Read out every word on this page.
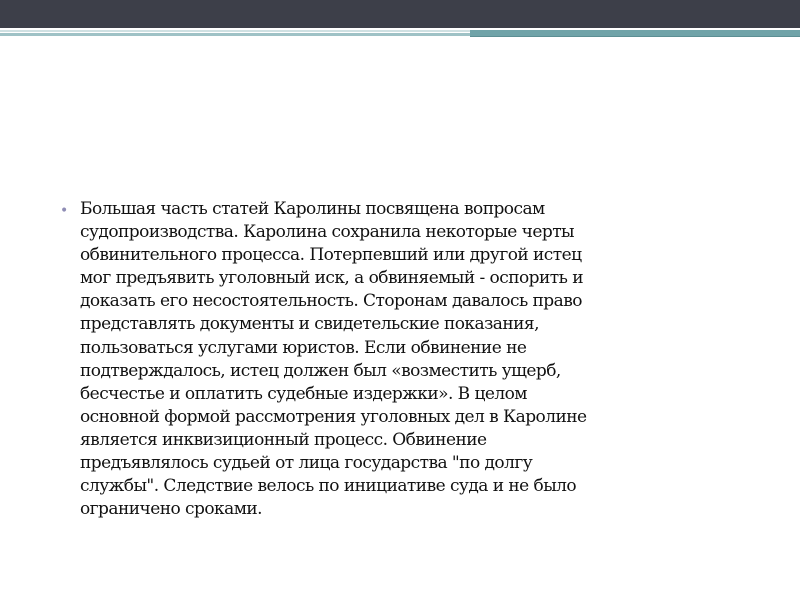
• Большая часть статей Каролины посвящена вопросам
судопроизводства. Каролина сохранила некоторые черты
обвинительного процесса. Потерпевший или другой истец
мог предъявить уголовный иск, а обвиняемый - оспорить и
доказать его несостоятельность. Сторонам давалось право
представлять документы и свидетельские показания,
пользоваться услугами юристов. Если обвинение не
подтверждалось, истец должен был «возместить ущерб,
бесчестье и оплатить судебные издержки». В целом
основной формой рассмотрения уголовных дел в Каролине
является инквизиционный процесс. Обвинение
предъявлялось судьей от лица государства "по долгу
службы". Следствие велось по инициативе суда и не было
ограничено сроками.
